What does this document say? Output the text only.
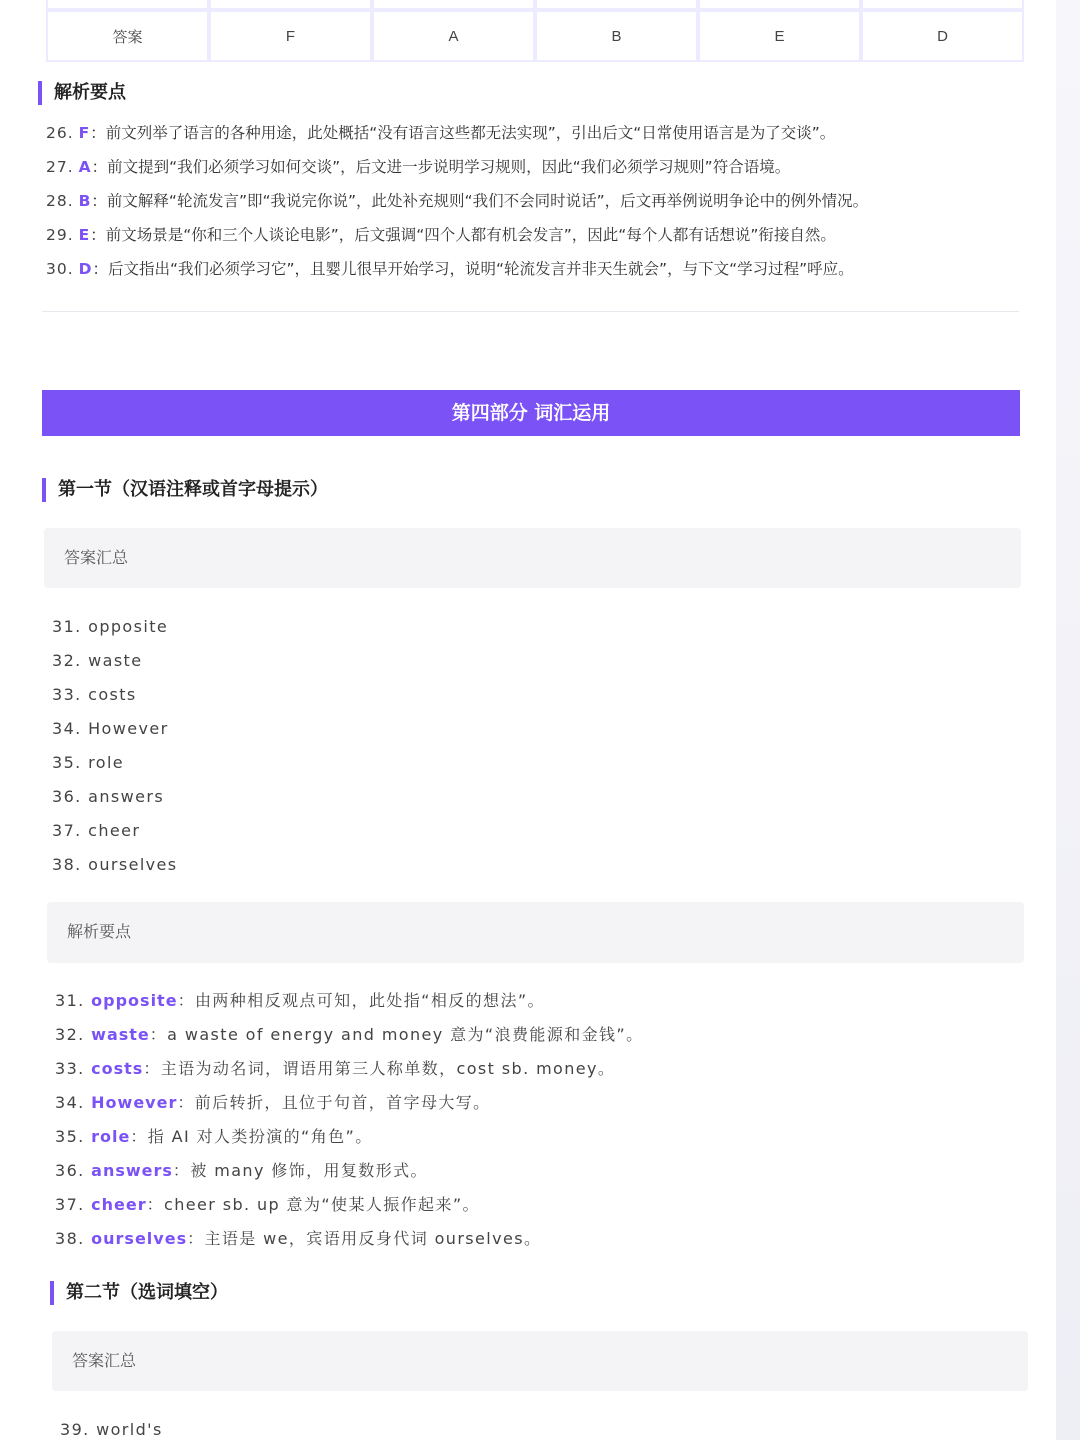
答案	F	A	B	E	D
解析要点
26. F：前文列举了语言的各种用途，此处概括“没有语言这些都无法实现”，引出后文“日常使用语言是为了交谈”。
27. A：前文提到“我们必须学习如何交谈”，后文进一步说明学习规则，因此“我们必须学习规则”符合语境。
28. B：前文解释“轮流发言”即“我说完你说”，此处补充规则“我们不会同时说话”，后文再举例说明争论中的例外情况。
29. E：前文场景是“你和三个人谈论电影”，后文强调“四个人都有机会发言”，因此“每个人都有话想说”衔接自然。
30. D：后文指出“我们必须学习它”，且婴儿很早开始学习，说明“轮流发言并非天生就会”，与下文“学习过程”呼应。
第四部分 词汇运用
第一节（汉语注释或首字母提示）
答案汇总
31. opposite
32. waste
33. costs
34. However
35. role
36. answers
37. cheer
38. ourselves
解析要点
31. opposite：由两种相反观点可知，此处指“相反的想法”。
32. waste：a waste of energy and money 意为“浪费能源和金钱”。
33. costs：主语为动名词，谓语用第三人称单数，cost sb. money。
34. However：前后转折，且位于句首，首字母大写。
35. role：指 AI 对人类扮演的“角色”。
36. answers：被 many 修饰，用复数形式。
37. cheer：cheer sb. up 意为“使某人振作起来”。
38. ourselves：主语是 we，宾语用反身代词 ourselves。
第二节（选词填空）
答案汇总
39. world's
